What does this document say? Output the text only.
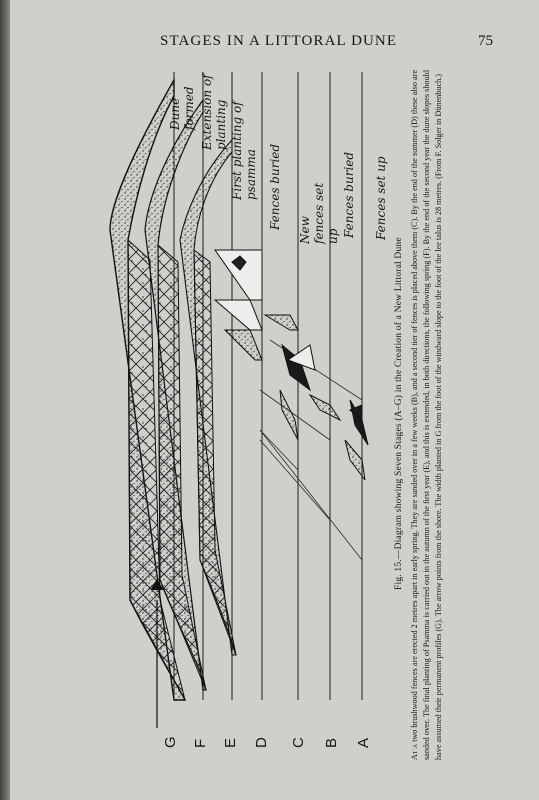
STAGES IN A LITTORAL DUNE	75
G F E D C B A
Dune formed Extension of planting First planting of psamma Fences buried
New fences set up Fences buried Fences set up
Fig. 15.—Diagram showing Seven Stages (A–G) in the Creation of a New Littoral Dune
At a two brushwood fences are erected 2 metres apart in early spring. They are sanded over in a few weeks (B), and a second tier of fences is placed above them (C). By the end of the summer (D) these also are sanded over. The final planting of Psamma is carried out in the autumn of the first year (E), and this is extended, in both directions, the following spring (F). By the end of the second year the dune slopes should have assumed their permanent profiles (G). The arrow points from the shore. The width planted in G from the foot of the windward slope to the foot of the lee talus is 28 metres. (From F. Solger in Dünenbuch.)
